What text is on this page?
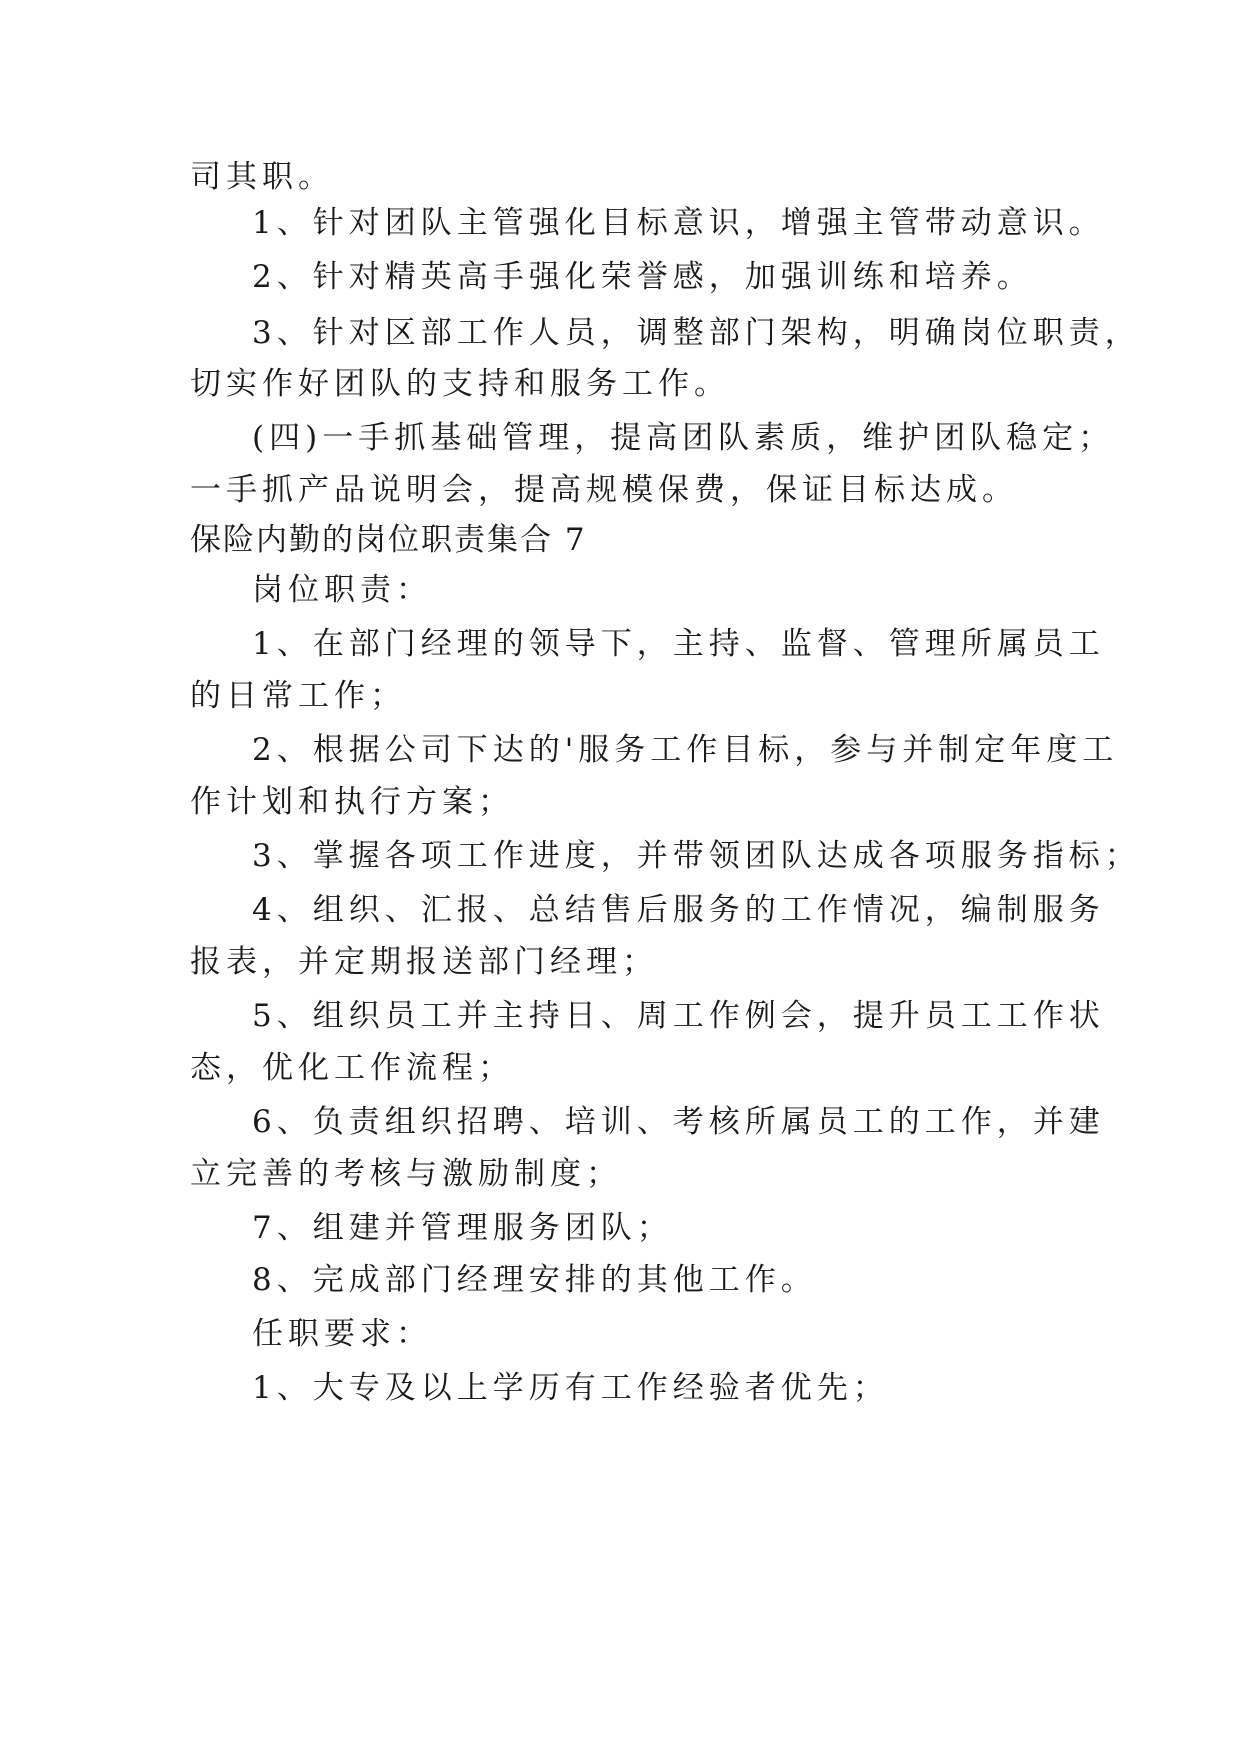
司其职。
1、针对团队主管强化目标意识，增强主管带动意识。
2、针对精英高手强化荣誉感，加强训练和培养。
3、针对区部工作人员，调整部门架构，明确岗位职责，
切实作好团队的支持和服务工作。
(四)一手抓基础管理，提高团队素质，维护团队稳定；
一手抓产品说明会，提高规模保费，保证目标达成。
保险内勤的岗位职责集合 7
岗位职责：
1、在部门经理的领导下，主持、监督、管理所属员工
的日常工作；
2、根据公司下达的'服务工作目标，参与并制定年度工
作计划和执行方案；
3、掌握各项工作进度，并带领团队达成各项服务指标；
4、组织、汇报、总结售后服务的工作情况，编制服务
报表，并定期报送部门经理；
5、组织员工并主持日、周工作例会，提升员工工作状
态，优化工作流程；
6、负责组织招聘、培训、考核所属员工的工作，并建
立完善的考核与激励制度；
7、组建并管理服务团队；
8、完成部门经理安排的其他工作。
任职要求：
1、大专及以上学历有工作经验者优先；
